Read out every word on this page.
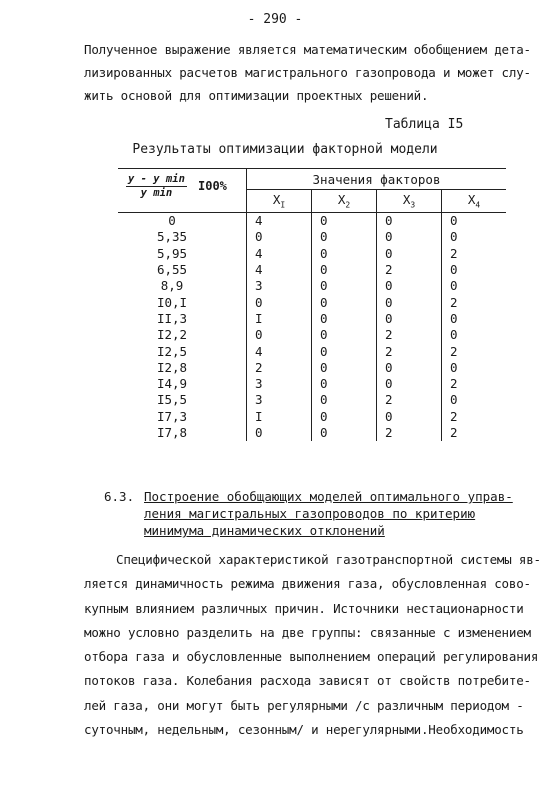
- 290 -
Полученное выражение является математическим обобщением дета-
лизированных расчетов магистрального газопровода и может слу-
жить основой для оптимизации проектных решений.
Таблица I5
Результаты оптимизации факторной модели
y - y min
y min I00%	Значения факторов			
	$X_I$	$X_2$	$X_3$	$X_4$
0	4	0	0	0
5,35	0	0	0	0
5,95	4	0	0	2
6,55	4	0	2	0
8,9	3	0	0	0
I0,I	0	0	0	2
II,3	I	0	0	0
I2,2	0	0	2	0
I2,5	4	0	2	2
I2,8	2	0	0	0
I4,9	3	0	0	2
I5,5	3	0	2	0
I7,3	I	0	0	2
I7,8	0	0	2	2
6.3. Построение обобщающих моделей оптимального управ-
ления магистральных газопроводов по критерию
минимума динамических отклонений
Специфической характеристикой газотранспортной системы яв-
ляется динамичность режима движения газа, обусловленная сово-
купным влиянием различных причин. Источники нестационарности
можно условно разделить на две группы: связанные с изменением
отбора газа и обусловленные выполнением операций регулирования
потоков газа. Колебания расхода зависят от свойств потребите-
лей газа, они могут быть регулярными /с различным периодом -
суточным, недельным, сезонным/ и нерегулярными.Необходимость
